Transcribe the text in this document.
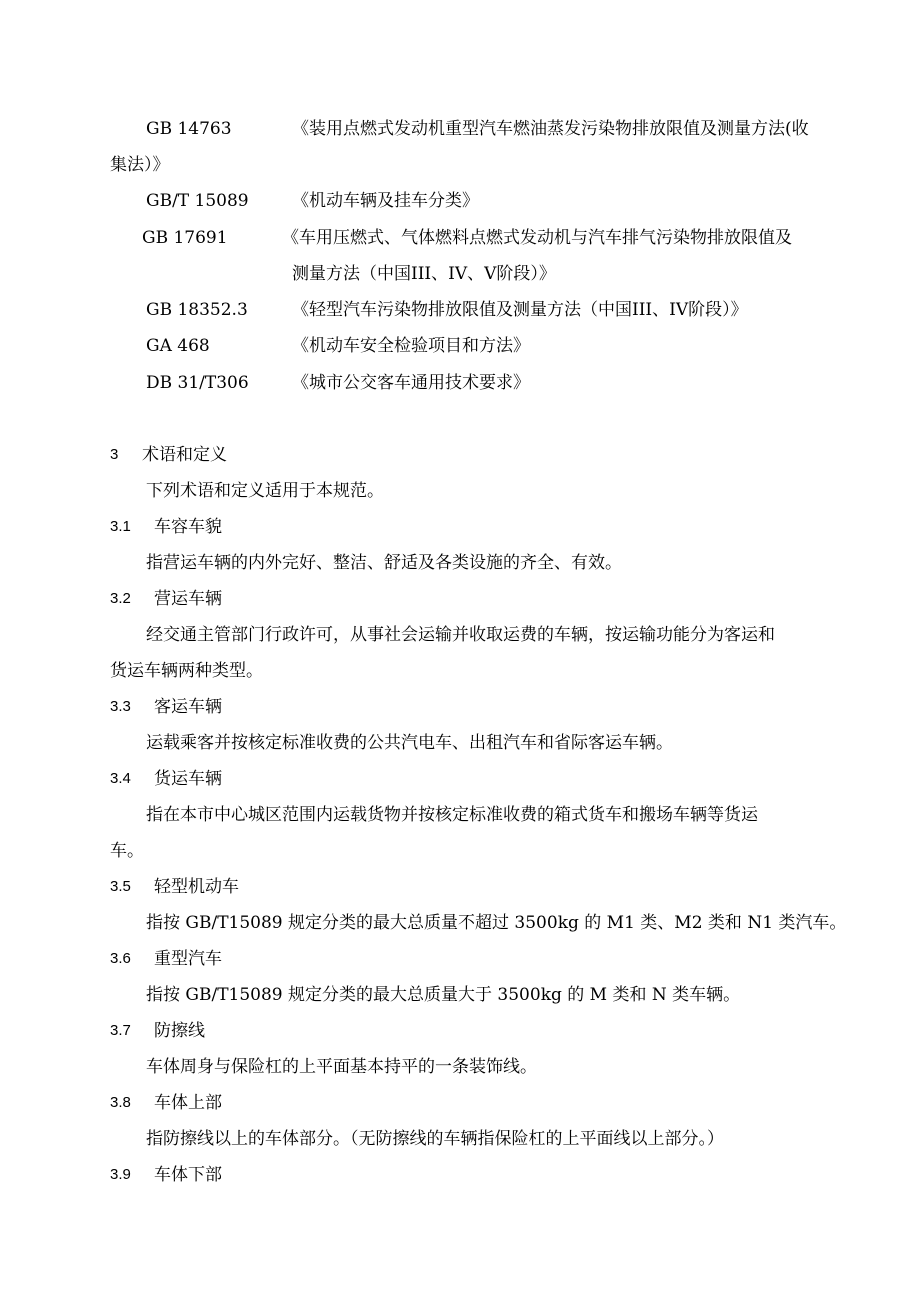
GB 14763	《装用点燃式发动机重型汽车燃油蒸发污染物排放限值及测量方法(收
集法）》
GB/T 15089	《机动车辆及挂车分类》
GB 17691	《车用压燃式、气体燃料点燃式发动机与汽车排气污染物排放限值及
测量方法（中国III、IV、V阶段）》
GB 18352.3	《轻型汽车污染物排放限值及测量方法（中国III、IV阶段）》
GA 468	《机动车安全检验项目和方法》
DB 31/T306	《城市公交客车通用技术要求》
3 术语和定义
下列术语和定义适用于本规范。
3.1 车容车貌
指营运车辆的内外完好、整洁、舒适及各类设施的齐全、有效。
3.2 营运车辆
经交通主管部门行政许可，从事社会运输并收取运费的车辆，按运输功能分为客运和
货运车辆两种类型。
3.3 客运车辆
运载乘客并按核定标准收费的公共汽电车、出租汽车和省际客运车辆。
3.4 货运车辆
指在本市中心城区范围内运载货物并按核定标准收费的箱式货车和搬场车辆等货运
车。
3.5 轻型机动车
指按 GB/T15089 规定分类的最大总质量不超过 3500kg 的 M1 类、M2 类和 N1 类汽车。
3.6 重型汽车
指按 GB/T15089 规定分类的最大总质量大于 3500kg 的 M 类和 N 类车辆。
3.7 防擦线
车体周身与保险杠的上平面基本持平的一条装饰线。
3.8 车体上部
指防擦线以上的车体部分。（无防擦线的车辆指保险杠的上平面线以上部分。）
3.9 车体下部
